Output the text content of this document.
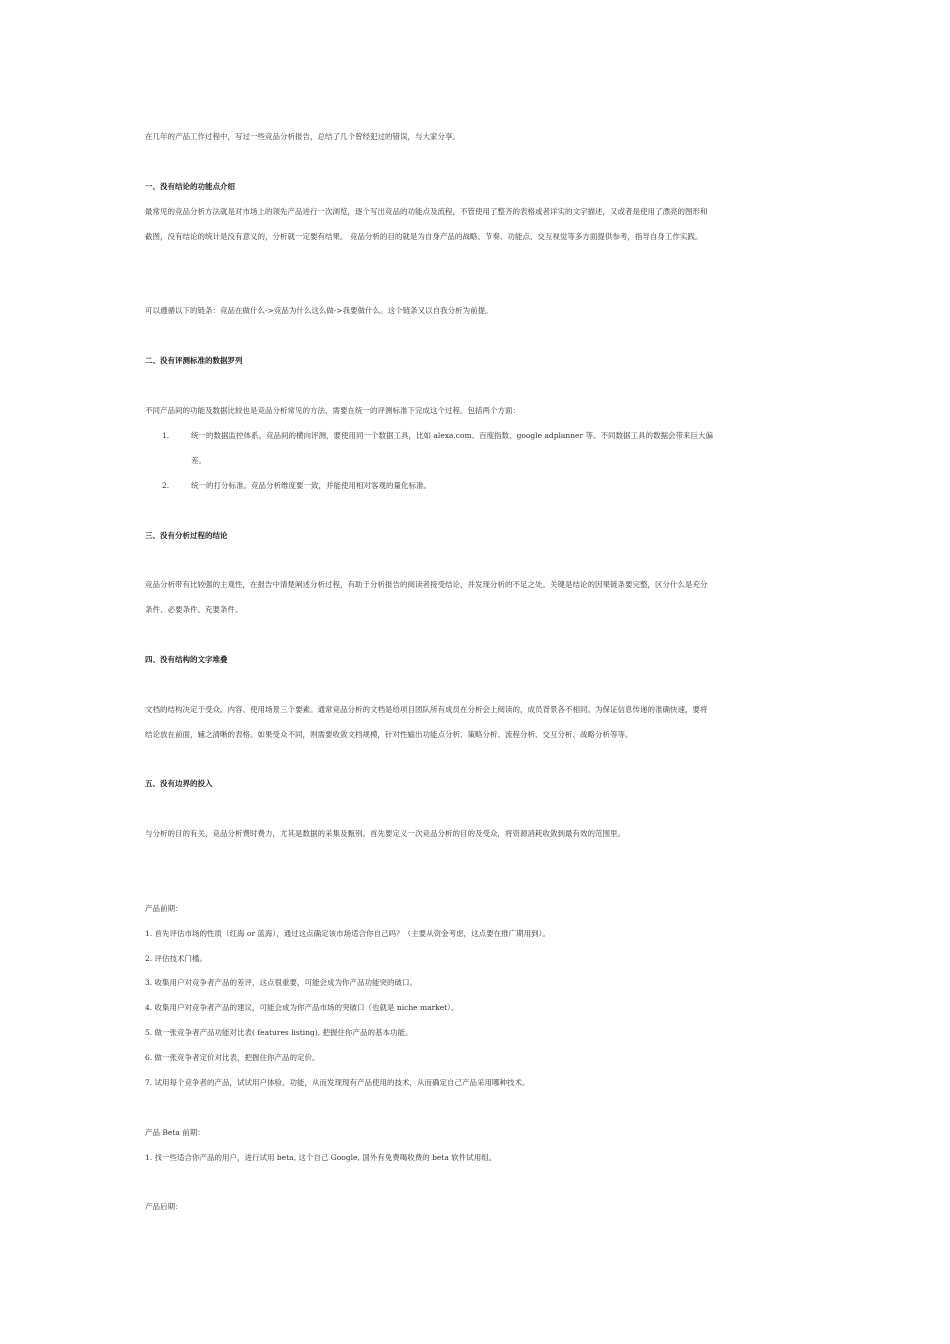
在几年的产品工作过程中，写过一些竞品分析报告，总结了几个曾经犯过的错误，与大家分享。
一、没有结论的功能点介绍
最常见的竞品分析方法就是对市场上的领先产品进行一次浏览，逐个写出竞品的功能点及流程，不管使用了整齐的表格或者详实的文字描述，又或者是使用了漂亮的图形和
截图，没有结论的统计是没有意义的，分析就一定要有结果。 竞品分析的目的就是为自身产品的战略、节奏、功能点、交互视觉等多方面提供参考，指导自身工作实践。
可以遵循以下的链条：竞品在做什么->竞品为什么这么做->我要做什么。这个链条又以自我分析为前提。
二、没有评测标准的数据罗列
不同产品间的功能及数据比较也是竞品分析常见的方法，需要在统一的评测标准下完成这个过程。包括两个方面：
1.	统一的数据监控体系。竞品间的横向评测，要使用同一个数据工具，比如 alexa.com、百度指数、google adplanner 等。不同数据工具的数据会带来巨大偏
差。
2.	统一的打分标准。竞品分析维度要一致，并能使用相对客观的量化标准。
三、没有分析过程的结论
竞品分析带有比较强的主观性，在报告中清楚阐述分析过程，有助于分析报告的阅读者接受结论，并发现分析的不足之处。关键是结论的因果链条要完整，区分什么是充分
条件、必要条件、充要条件。
四、没有结构的文字堆叠
文档的结构决定于受众、内容、使用场景三个要素。通常竞品分析的文档是给项目团队所有成员在分析会上阅读的，成员背景各不相同。为保证信息传递的准确快速，要将
结论放在前面，辅之清晰的表格。如果受众不同，则需要收敛文档规模，针对性输出功能点分析、策略分析、流程分析、交互分析、战略分析等等。
五、没有边界的投入
与分析的目的有关，竞品分析费时费力，尤其是数据的采集及甄别。首先要定义一次竞品分析的目的及受众，将资源消耗收敛到最有效的范围里。
产品前期：
1. 首先评估市场的性质（红海 or 蓝海），通过这点确定该市场适合你自己吗？（主要从资金考虑，这点要在推广期用到）。
2. 评估技术门槛。
3. 收集用户对竞争者产品的差评，这点很重要，可能会成为你产品功能突的破口。
4. 收集用户对竞争者产品的建议，可能会成为你产品市场的突破口（也就是 niche market）。
5. 做一张竞争者产品功能对比表( features listing), 把握住你产品的基本功能。
6. 做一张竞争者定价对比表，把握住你产品的定价。
7. 试用每个竞争者的产品，试试用户体验、功能，从而发现现有产品使用的技术，从而确定自己产品采用哪种技术。
产品 Beta 前期：
1. 找一些适合你产品的用户，进行试用 beta, 这个自己 Google, 国外有免费喝收费的 beta 软件试用组。
产品后期：
